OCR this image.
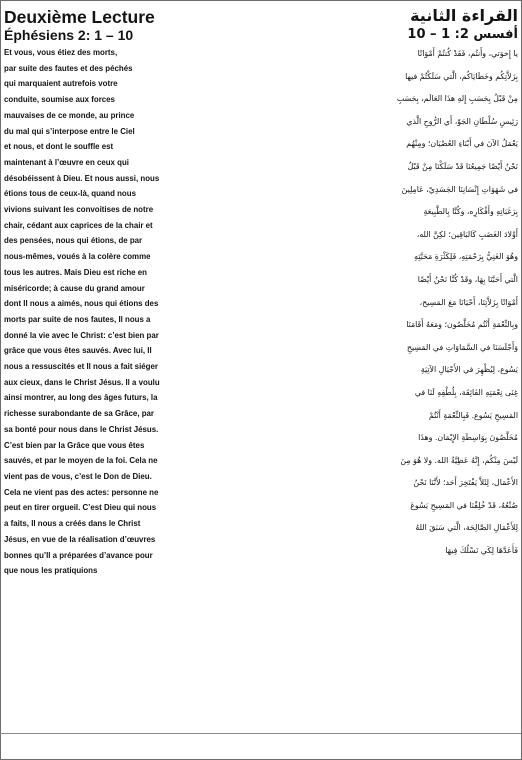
Deuxième Lecture
Éphésiens 2: 1 – 10
Et vous, vous étiez des morts,
par suite des fautes et des péchés
qui marquaient autrefois votre
conduite, soumise aux forces
mauvaises de ce monde, au prince
du mal qui s’interpose entre le Ciel
et nous, et dont le souffle est
maintenant à l’œuvre en ceux qui
désobéissent à Dieu. Et nous aussi, nous
étions tous de ceux-là, quand nous
vivions suivant les convoitises de notre
chair, cédant aux caprices de la chair et
des pensées, nous qui étions, de par
nous-mêmes, voués à la colère comme
tous les autres. Mais Dieu est riche en
miséricorde; à cause du grand amour
dont Il nous a aimés, nous qui étions des
morts par suite de nos fautes, Il nous a
donné la vie avec le Christ: c’est bien par
grâce que vous êtes sauvés. Avec lui, Il
nous a ressuscités et Il nous a fait siéger
aux cieux, dans le Christ Jésus. Il a voulu
ainsi montrer, au long des âges futurs, la
richesse surabondante de sa Grâce, par
sa bonté pour nous dans le Christ Jésus.
C’est bien par la Grâce que vous êtes
sauvés, et par le moyen de la foi. Cela ne
vient pas de vous, c’est le Don de Dieu.
Cela ne vient pas des actes: personne ne
peut en tirer orgueil. C’est Dieu qui nous
a faits, Il nous a créés dans le Christ
Jésus, en vue de la réalisation d’œuvres
bonnes qu’Il a préparées d’avance pour
que nous les pratiquions
القراءة الثانية
أفسس 2: 1 – 10
يا إِخوَتي، وأَنتُم، فَقَدْ كُنتُمْ أَمْوَاتًا
بِزَلاَّتِكُم وخَطَايَاكُم، الَّتي سَلَكْتُمْ فيها
مِنْ قَبْلُ بِحَسَبِ إِلهِ هذَا العَالَم، بِحَسَبِ
رَئِيسِ سُلْطَانِ الجَوّ، أَي الرُّوحِ الَّذي
يَعْمَلُ الآنَ في أَبْنَاءِ العُصْيَان؛ ومِنْهُم
نَحْنُ أَيْضًا جَمِيعُنَا قَدْ سَلَكْنَا مِنْ قَبْلُ
في شَهَوَاتِ إِنْسَانِنَا الجَسَدِيّ، عَامِلِينَ
بِرَغَبَاتِهِ وأَفْكَارِه، وكُنَّا بِالطَّبِيعَةِ
أَوْلادَ الغَضَبِ كَالبَاقِين؛ لكِنَّ الله،
وهُوَ الغَنِيُّ بِرَحْمَتِهِ، فَلِكَثْرَةِ مَحَبَّتِهِ
الَّتي أَحَبَّنَا بِهَا، وقَدْ كُنَّا نَحْنُ أَيْضًا
أَمْوَاتًا بِزَلاَّتِنَا، أَحْيَانَا مَعَ المَسِيح،
وبِالنِّعْمَةِ أَنْتُم مُخَلَّصُون؛ ومَعَهُ أَقَامَنَا
وَأَجْلَسَنَا في السَّمَاوَاتِ في المَسِيحِ
يَسُوع، لِيُظْهِرَ في الأَجْيَالِ الآتِيَةِ
غِنَى نِعْمَتِهِ الفَائِقَة، بِلُطْفِهِ لَنَا في
المَسِيحِ يَسُوع. فَبِالنِّعْمَةِ أَنْتُمْ
مُخَلَّصُونَ بِوَاسِطَةِ الإِيْمَان. وهذَا
لَيْسَ مِنْكُم، إِنَّهُ عَطِيَّةُ الله. ولا هُوَ مِنَ
الأَعْمَال، لِئَلاَّ يَفْتَخِرَ أَحَد؛ لأَنَّنَا نَحْنُ
صُنْعُهُ، قَدْ خُلِقْنَا في المَسِيحِ يَسُوعَ
لِلأَعْمَالِ الصَّالِحَة، الَّتي سَبَقَ اللهُ
فَأَعَدَّهَا لِكَي نَسْلُكَ فِيهَا
